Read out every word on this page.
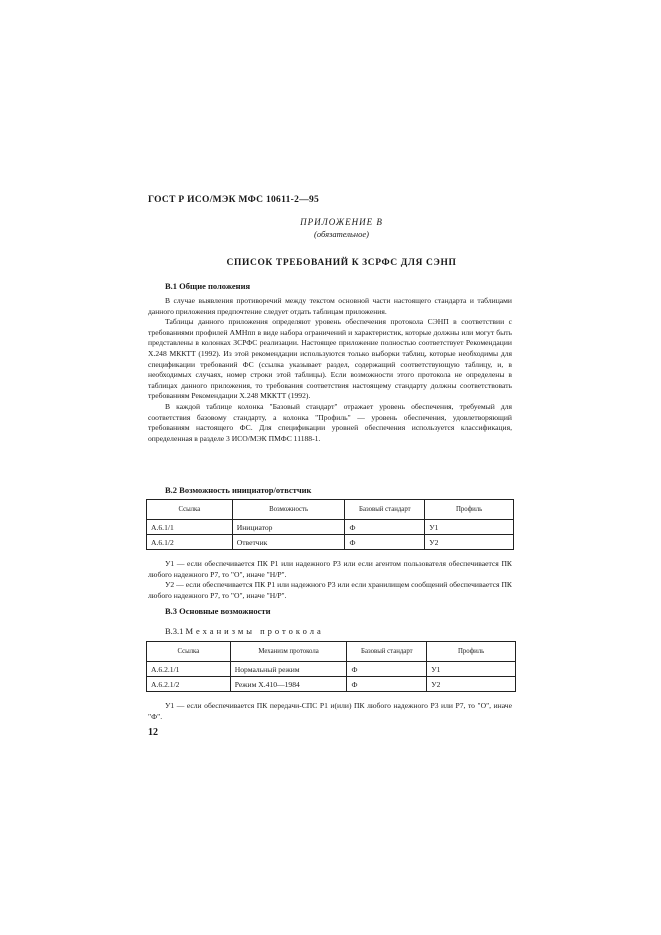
ГОСТ Р ИСО/МЭК МФС 10611-2—95
ПРИЛОЖЕНИЕ B
(обязательное)
СПИСОК ТРЕБОВАНИЙ К ЗСРФС ДЛЯ СЭНП
B.1 Общие положения

В случае выявления противоречий между текстом основной части настоящего стандарта и таблицами данного приложения предпочтение следует отдать таблицам приложения.

Таблицы данного приложения определяют уровень обеспечения протокола СЭНП в соответствии с требованиями профилей АМНпп в виде набора ограничений и характеристик, которые должны или могут быть представлены в колонках ЗСРФС реализации. Настоящее приложение полностью соответствует Рекомендации X.248 МККТТ (1992). Из этой рекомендации используются только выборки таблиц, которые необходимы для спецификации требований ФС (ссылка указывает раздел, содержащий соответствующую таблицу, и, в необходимых случаях, номер строки этой таблицы). Если возможности этого протокола не определены в таблицах данного приложения, то требования соответствия настоящему стандарту должны соответствовать требованиям Рекомендации X.248 МККТТ (1992).

В каждой таблице колонка "Базовый стандарт" отражает уровень обеспечения, требуемый для соответствия базовому стандарту, а колонка "Профиль" — уровень обеспечения, удовлетворяющий требованиям настоящего ФС. Для спецификации уровней обеспечения используется классификация, определенная в разделе 3 ИСО/МЭК ПМФС 11188-1.

B.2 Возможность инициатор/отвстчик
Ссылка	Возможность	Базовый стандарт	Профиль
A.6.1/1	Инициатор	Ф	У1
A.6.1/2	Ответчик	Ф	У2

У1 — если обеспечивается ПК Р1 или надежного Р3 или если агентом пользователя обеспечивается ПК любого надежного Р7, то "О", иначе "Н/Р".

У2 — если обеспечивается ПК Р1 или надежного Р3 или если хранилищем сообщений обеспечивается ПК любого надежного Р7, то "О", иначе "Н/Р".

B.3 Основные возможности
B.3.1 Механизмы протокола
Ссылка	Механизм протокола	Базовый стандарт	Профиль
A.6.2.1/1	Нормальный режим	Ф	У1
A.6.2.1/2	Режим X.410—1984	Ф	У2

У1 — если обеспечивается ПК передачи-СПС Р1 и(или) ПК любого надежного Р3 или Р7, то "О", иначе "Ф".

12
